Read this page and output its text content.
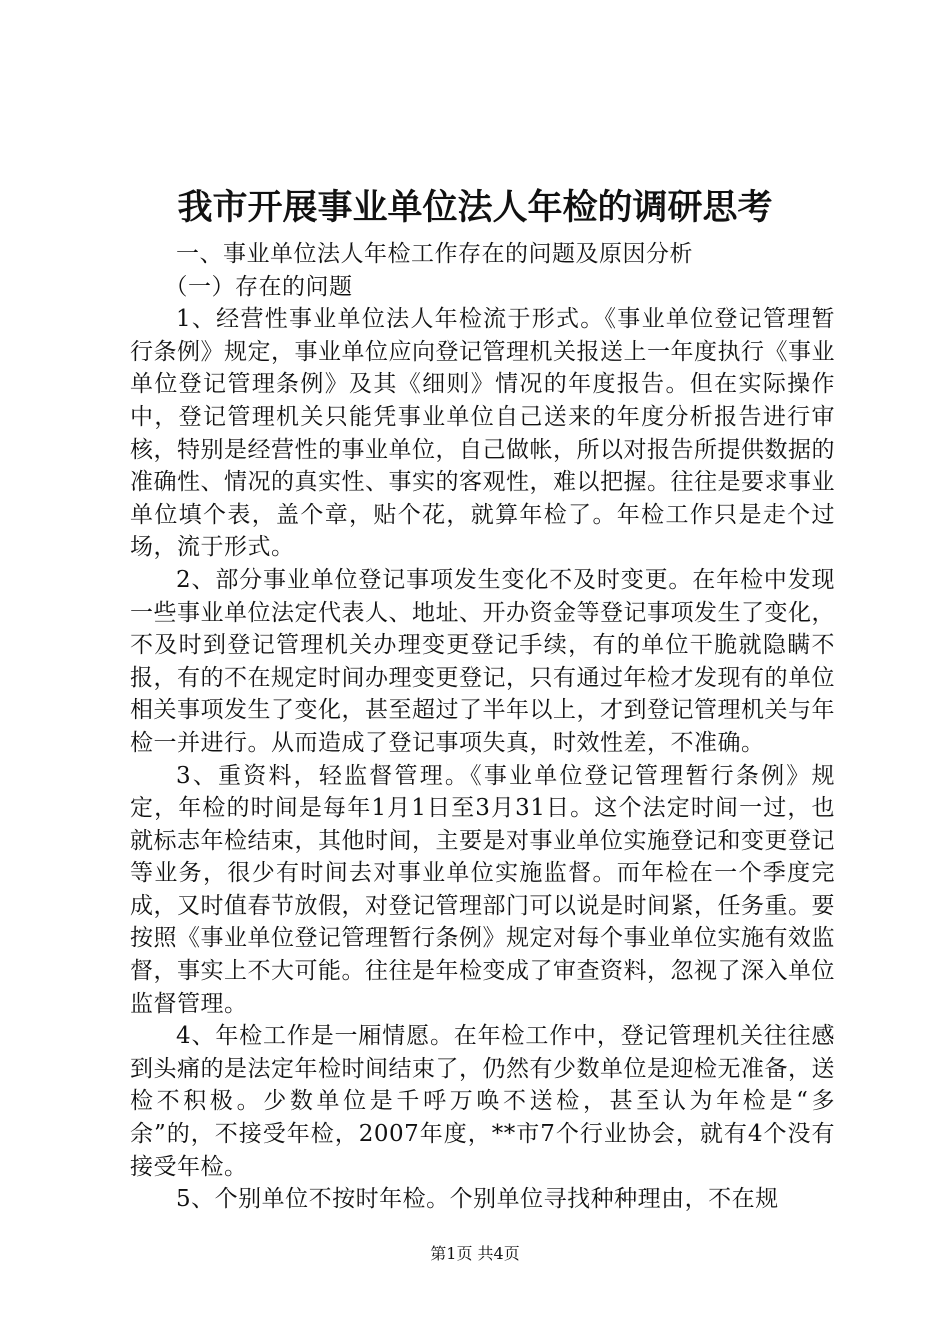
我市开展事业单位法人年检的调研思考

一、事业单位法人年检工作存在的问题及原因分析

（一）存在的问题

1、经营性事业单位法人年检流于形式。《事业单位登记管理暂行条例》规定，事业单位应向登记管理机关报送上一年度执行《事业单位登记管理条例》及其《细则》情况的年度报告。但在实际操作中，登记管理机关只能凭事业单位自己送来的年度分析报告进行审核，特别是经营性的事业单位，自己做帐，所以对报告所提供数据的准确性、情况的真实性、事实的客观性，难以把握。往往是要求事业单位填个表，盖个章，贴个花，就算年检了。年检工作只是走个过场，流于形式。

2、部分事业单位登记事项发生变化不及时变更。在年检中发现一些事业单位法定代表人、地址、开办资金等登记事项发生了变化，不及时到登记管理机关办理变更登记手续，有的单位干脆就隐瞒不报，有的不在规定时间办理变更登记，只有通过年检才发现有的单位相关事项发生了变化，甚至超过了半年以上，才到登记管理机关与年检一并进行。从而造成了登记事项失真，时效性差，不准确。

3、重资料，轻监督管理。《事业单位登记管理暂行条例》规定，年检的时间是每年1月1日至3月31日。这个法定时间一过，也就标志年检结束，其他时间，主要是对事业单位实施登记和变更登记等业务，很少有时间去对事业单位实施监督。而年检在一个季度完成，又时值春节放假，对登记管理部门可以说是时间紧，任务重。要按照《事业单位登记管理暂行条例》规定对每个事业单位实施有效监督，事实上不大可能。往往是年检变成了审查资料，忽视了深入单位监督管理。

4、年检工作是一厢情愿。在年检工作中，登记管理机关往往感到头痛的是法定年检时间结束了，仍然有少数单位是迎检无准备，送检不积极。少数单位是千呼万唤不送检，甚至认为年检是“多余”的，不接受年检，2007年度，**市7个行业协会，就有4个没有接受年检。

5、个别单位不按时年检。个别单位寻找种种理由，不在规

第1页 共4页
